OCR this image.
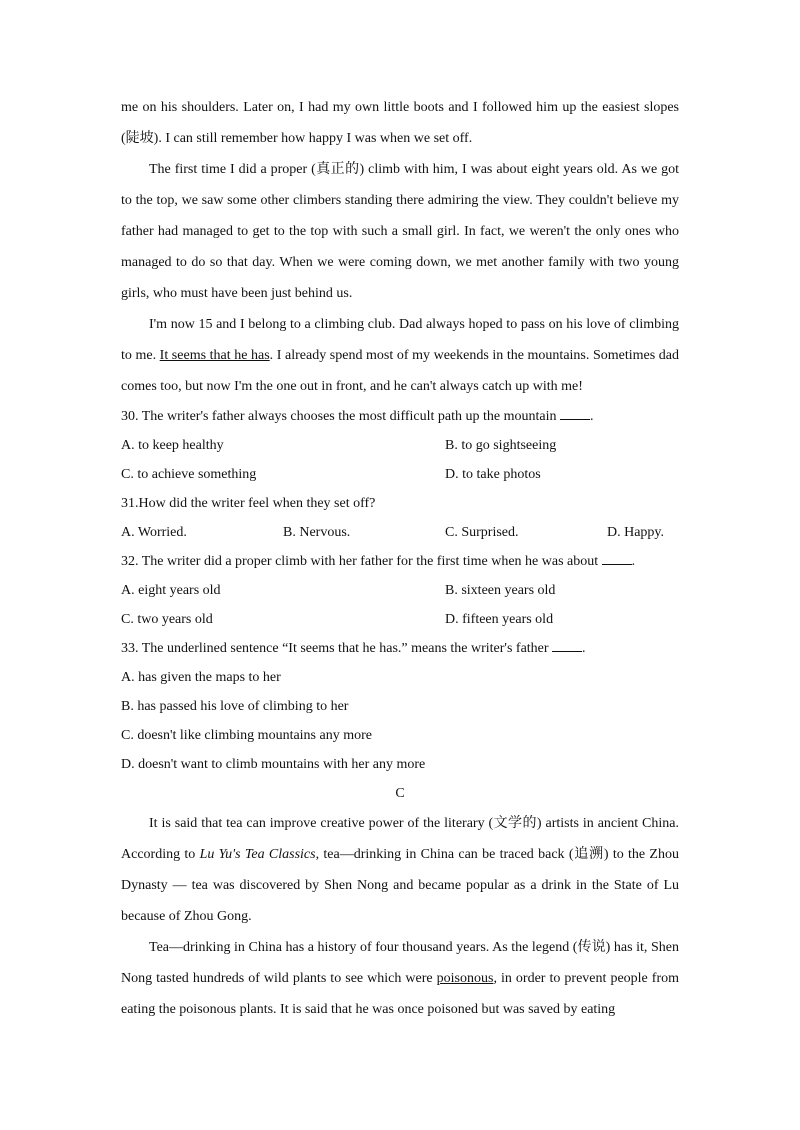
me on his shoulders. Later on, I had my own little boots and I followed him up the easiest slopes (陡坡). I can still remember how happy I was when we set off.

The first time I did a proper (真正的) climb with him, I was about eight years old. As we got to the top, we saw some other climbers standing there admiring the view. They couldn't believe my father had managed to get to the top with such a small girl. In fact, we weren't the only ones who managed to do so that day. When we were coming down, we met another family with two young girls, who must have been just behind us.

I'm now 15 and I belong to a climbing club. Dad always hoped to pass on his love of climbing to me. It seems that he has. I already spend most of my weekends in the mountains. Sometimes dad comes too, but now I'm the one out in front, and he can't always catch up with me!

30. The writer's father always chooses the most difficult path up the mountain .

A. to keep healthy	B. to go sightseeing
C. to achieve something	D. to take photos

31.How did the writer feel when they set off?

A. Worried.	B. Nervous.	C. Surprised.	D. Happy.

32. The writer did a proper climb with her father for the first time when he was about .

A. eight years old	B. sixteen years old
C. two years old	D. fifteen years old

33. The underlined sentence “It seems that he has.” means the writer's father .

A. has given the maps to her

B. has passed his love of climbing to her

C. doesn't like climbing mountains any more

D. doesn't want to climb mountains with her any more

C

It is said that tea can improve creative power of the literary (文学的) artists in ancient China. According to Lu Yu's Tea Classics, tea—drinking in China can be traced back (追溯) to the Zhou Dynasty — tea was discovered by Shen Nong and became popular as a drink in the State of Lu because of Zhou Gong.

Tea—drinking in China has a history of four thousand years. As the legend (传说) has it, Shen Nong tasted hundreds of wild plants to see which were poisonous, in order to prevent people from eating the poisonous plants. It is said that he was once poisoned but was saved by eating
